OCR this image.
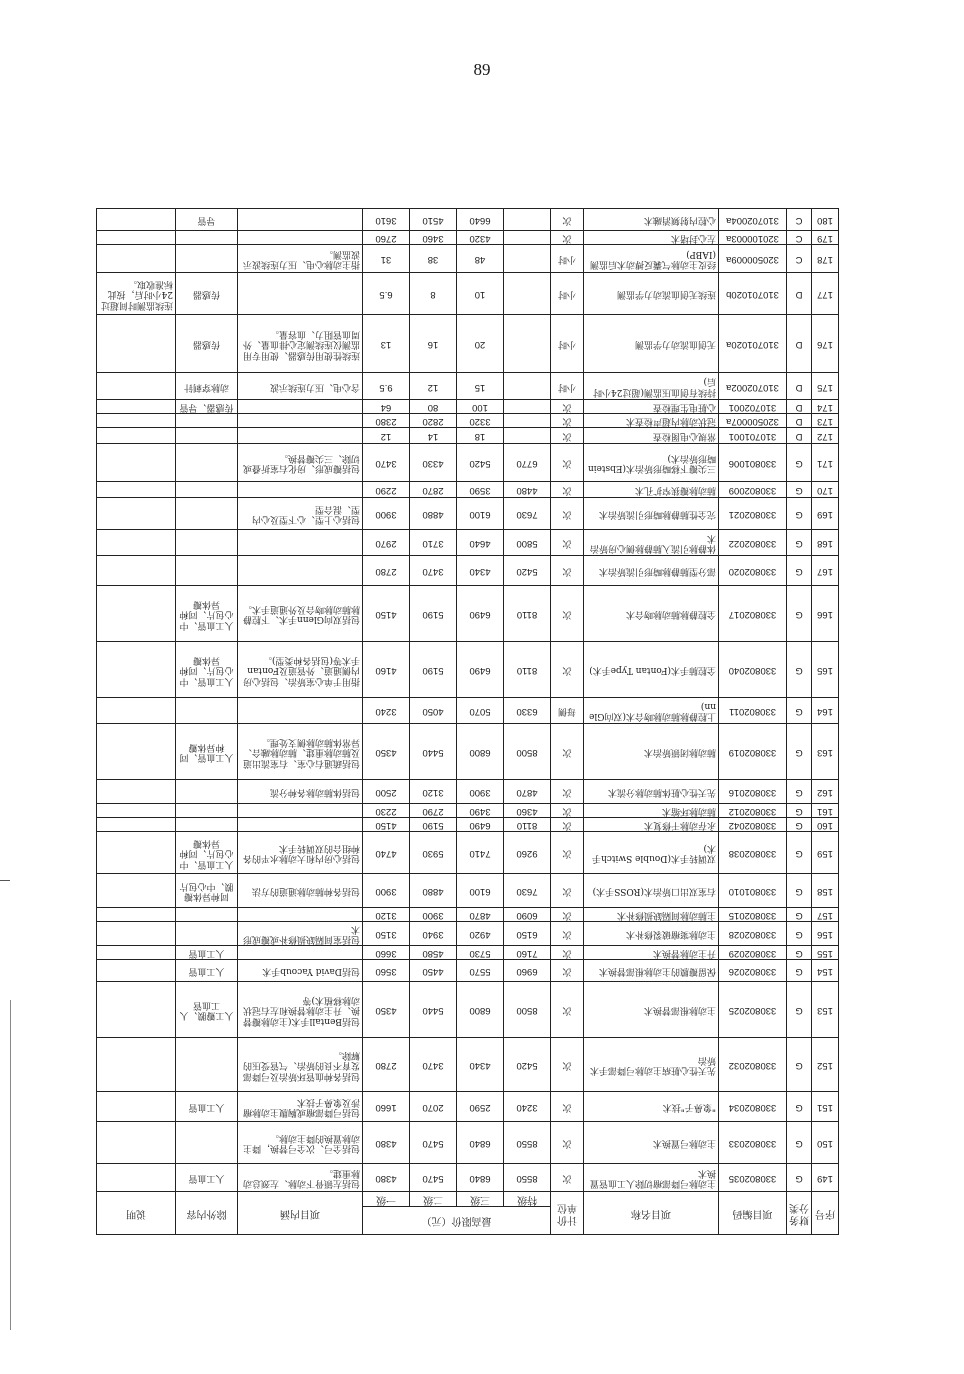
89
序号	财务分类	项目编码	项目名称	计价单位	最高限价（元）				项目内涵	除外内容	说明
					特级	三级	二级	一级			
149	G	330802035	主动脉弓降部瘤切除人工血管置换术	次	8550	6840	5470	4380	包括左锁骨下动脉、左颈总动脉重建。	人工血管	
150	G	330802033	主动脉弓置换术	次	8550	6840	5470	4380	包括全弓、次全弓替换，降主动脉置换的降主动脉。		
151	G	330802034	"象鼻子"技术	次	3240	2590	2070	1660	包括弓降部瘤或胸腹主动脉瘤涉及象鼻子技术	人工血管	
152	G	330802032	先天性心脏病主动脉弓降部手术矫治	次	5420	4340	3470	2780	包括各种血管环矫治及弓降部发育不良的矫治、气管受压的解除。		
153	G	330802025	主动脉根部替换术	次	8500	6800	5440	4350	包括Bentall手术(主动脉瓣替换、升主动脉替换和左右冠状动脉移植术)等	人工瓣膜、人工血管	
154	G	330802026	保留瓣膜的主动脉根部替换术	次	6960	5570	4450	3560	包括David Yacoub手术	人工血管	
155	G	330802029	升主动脉替换术	次	7160	5730	4580	3660		人工血管	
156	G	330802028	主动脉窦瘤破裂修补术	次	6150	4920	3940	3150	包括室间隔缺损修补或瓣成形术		
157	G	330802015	主肺动脉间隔缺损修补术	次	6090	4870	3900	3120			
158	G	330801010	右室双出口矫治术(ROSS手术)	次	7630	6100	4880	3900	包括各种肺动脉通道的方法	同种异体瓣膜、中心包片	
159	G	330802038	双调转手术(Double Switch手术)	次	9260	7410	5930	4740	包括心房内和大动脉水平的各种组合的双调转手术	人工血管、中心包片、同种异体瓣	
160	G	330802042	永存动脉干修复术	次	8110	6490	5190	4150			
161	G	330802012	肺动脉环缩术	次	4360	3490	2790	2230			
162	G	330802016	先天性心脏体肺动脉分流术	次	4870	3900	3120	2500	包括体肺动脉各种分流		
163	G	330802019	肺动脉闭锁矫治术	次	8500	6800	5440	4350	包括疏通右心室、右室流出道及肺动脉重建、肺动脉融合、异常体肺动脉侧支处理。	人工血管、同种异体瓣	
164	G	330802011	上腔静脉肺动脉吻合术(双向Glenn)	每侧	6330	5070	4050	3240			
165	G	330802040	全腔肺手术(Fontan Type手术)	次	8110	6490	5190	4160	指用于单心室矫治、包括心房内侧通道、外管道及Fontan手术等(包括各种类型)。	人工血管、中心包片、同种异体瓣	
166	G	330802017	全腔静脉肺动脉吻合术	次	8110	6490	5190	4150	包括双向Glenn手术、下腔静脉肺动脉吻合及外通道手术。	人工血管、中心包片、同种异体瓣	
167	G	330802020	部分型肺静脉畸形引流矫治术	次	5420	4340	3470	2780			
168	G	330802022	体静脉引流入肺静脉侧心房矫治术	次	5800	4640	3710	2970			
169	G	330802021	完全性肺静脉畸形引流矫治术	次	7630	6100	4880	3900	包括心上型、心下型及心内型、混合型		
170	G	330802009	肺动脉瓣狭窄扩孔术	次	4480	3590	2870	2290			
171	G	330801006	三尖瓣下移畸形矫治术(Ebstein畸形矫治术)	次	6770	5420	4330	3470	包括瓣成形、房化右室折叠或切除、三尖瓣替换。		
172	D	310701001	常规心电图检查	次		18	14	12			
173	D	320500007a	冠状动脉内超声检查术	次		3320	2820	2380			
174	D	310702001	心脏电生理检查	次		100	80	64		传感器、导管	
175	D	310702002a	持续有创血压监测(超过24小时后)	小时		15	12	9.5	含心电、压力连续示波	动脉穿刺针	
176	D	310701020a	无创血流动力学监测	小时		20	16	13	连续性使用传感器、使用专用监测仪连续测定心排血量、外周血管阻力、血容量。	传感器	
177	D	310701020b	连续无创血流动力学监测	小时		10	8	6.5		传感器	连续监测时间超过24小时后，按此标准收取。
178	C	320500009a	经皮主动脉气囊反搏动术后监测(IABP)	小时		48	38	31	指主动脉心电、压力连续波示波监测。		
179	C	320100003a	左心封堵术	次		4320	3460	2760			
180	C	310702004a	心腔内射频消融术	次		6640	4510	3610		导管	
